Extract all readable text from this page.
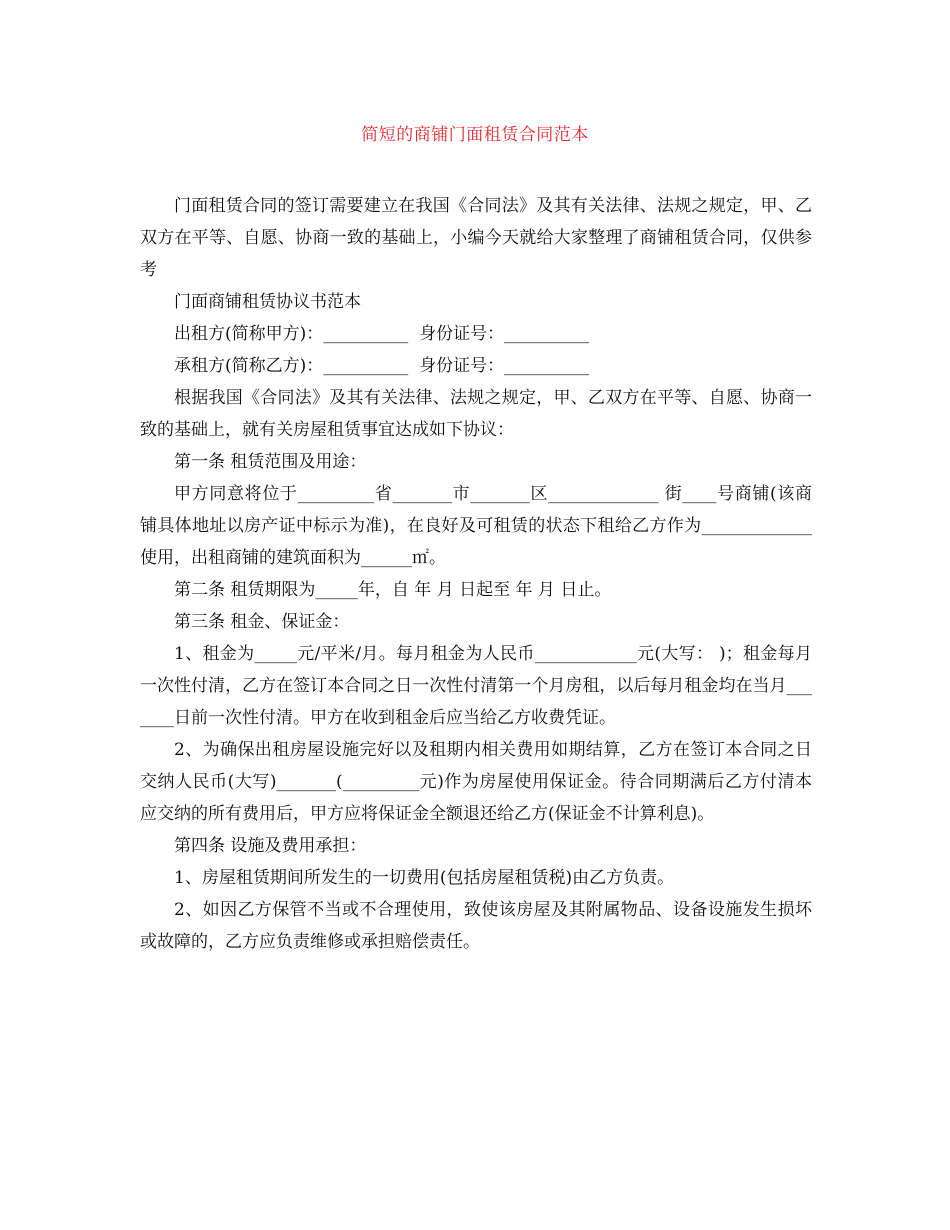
简短的商铺门面租赁合同范本

门面租赁合同的签订需要建立在我国《合同法》及其有关法律、法规之规定，甲、乙双方在平等、自愿、协商一致的基础上，小编今天就给大家整理了商铺租赁合同，仅供参考

门面商铺租赁协议书范本

出租方(简称甲方)：__________  身份证号：__________

承租方(简称乙方)：__________  身份证号：__________

根据我国《合同法》及其有关法律、法规之规定，甲、乙双方在平等、自愿、协商一致的基础上，就有关房屋租赁事宜达成如下协议：

第一条 租赁范围及用途：

甲方同意将位于_________省_______市_______区_____________ 街____号商铺(该商铺具体地址以房产证中标示为准)，在良好及可租赁的状态下租给乙方作为_____________使用，出租商铺的建筑面积为______㎡。

第二条 租赁期限为_____年，自 年 月 日起至 年 月 日止。

第三条 租金、保证金：

1、租金为_____元/平米/月。每月租金为人民币____________元(大写： )；租金每月一次性付清，乙方在签订本合同之日一次性付清第一个月房租，以后每月租金均在当月_______日前一次性付清。甲方在收到租金后应当给乙方收费凭证。

2、为确保出租房屋设施完好以及租期内相关费用如期结算，乙方在签订本合同之日交纳人民币(大写)_______(_________元)作为房屋使用保证金。待合同期满后乙方付清本应交纳的所有费用后，甲方应将保证金全额退还给乙方(保证金不计算利息)。

第四条 设施及费用承担：

1、房屋租赁期间所发生的一切费用(包括房屋租赁税)由乙方负责。

2、如因乙方保管不当或不合理使用，致使该房屋及其附属物品、设备设施发生损坏或故障的，乙方应负责维修或承担赔偿责任。
